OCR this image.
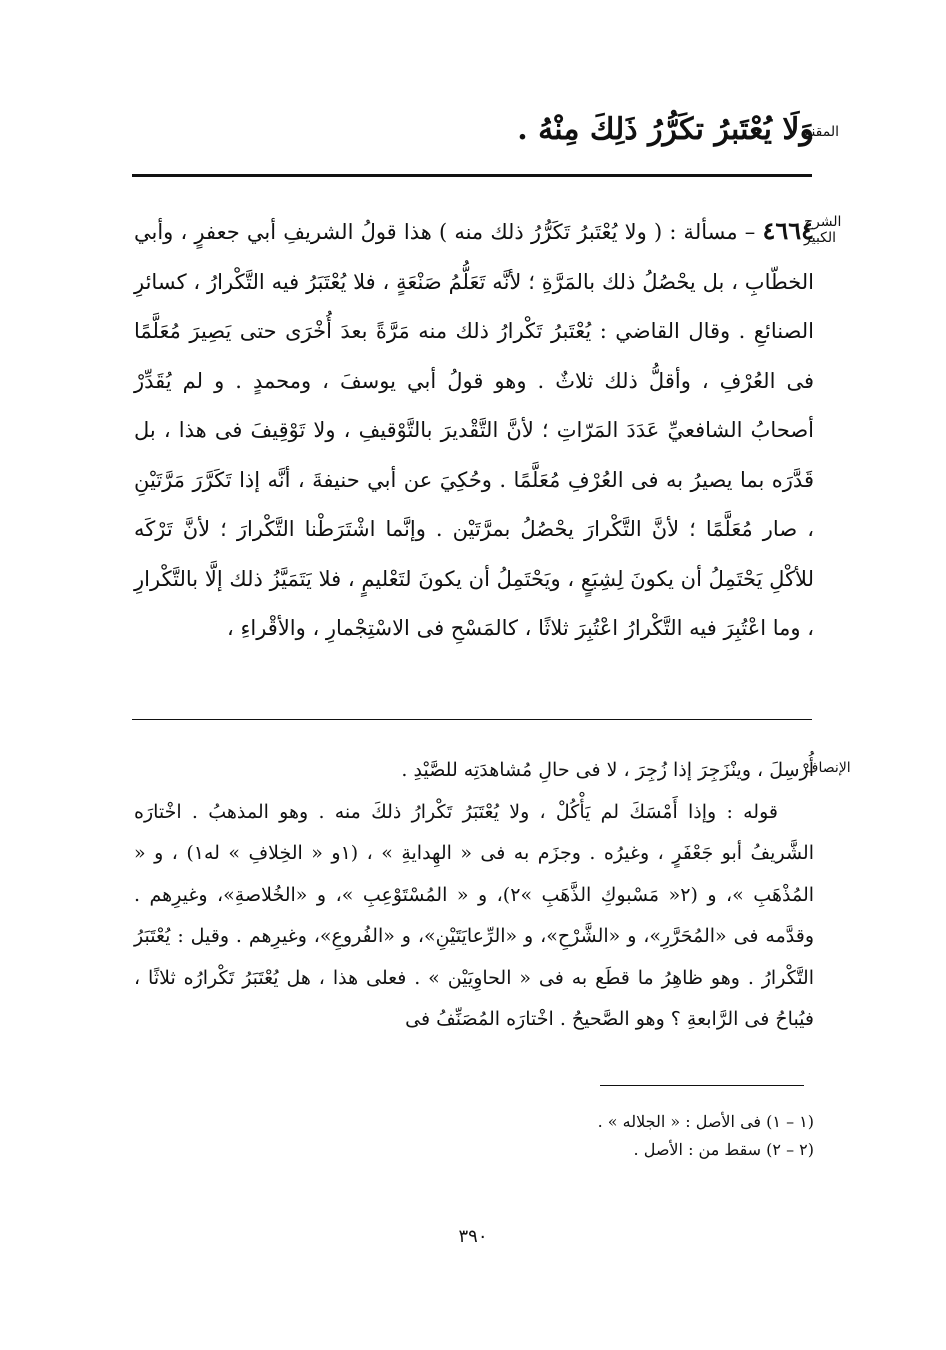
المقنع
وَلَا يُعْتَبرُ تكَرُّرُ ذَلِكَ مِنْهُ .
الشرح الكبير

٤٦٦٤ – مسألة : ( ولا يُعْتَبرُ تَكَرُّرُ ذلك منه ) هذا قولُ الشريفِ أبي جعفرٍ ، وأبي الخطّابِ ، بل يحْصُلُ ذلك بالمَرَّةِ ؛ لأنَّه تَعَلُّمُ صَنْعَةٍ ، فلا يُعْتَبَرُ فيه التَّكْرارُ ، كسائرِ الصنائعِ . وقال القاضي : يُعْتَبرُ تَكْرارُ ذلك منه مَرَّةً بعدَ أُخْرَى حتى يَصِيرَ مُعَلَّمًا فى العُرْفِ ، وأقلُّ ذلك ثلاثٌ . وهو قولُ أبي يوسفَ ، ومحمدٍ . و لم يُقَدِّرْ أصحابُ الشافعيِّ عَدَدَ المَرّاتِ ؛ لأنَّ التَّقْديرَ بالتَّوْقيفِ ، ولا تَوْقِيفَ فى هذا ، بل قَدَّرَه بما يصيرُ به فى العُرْفِ مُعَلَّمًا . وحُكِيَ عن أبي حنيفةَ ، أنَّه إذا تَكَرَّرَ مَرَّتَيْنِ ، صار مُعَلَّمًا ؛ لأنَّ التَّكْرارَ يحْصُلُ بمرَّتَيْن . وإنَّما اشْتَرَطْنا التَّكْرارَ ؛ لأنَّ تَرْكَه للأكْلِ يَحْتَمِلُ أن يكونَ لِشِبَعٍ ، ويَحْتَمِلُ أن يكونَ لتَعْليمٍ ، فلا يَتَمَيَّزُ ذلك إلَّا بالتَّكْرارِ ، وما اعْتُبِرَ فيه التَّكْرارُ اعْتُبِرَ ثلاثًا ، كالمَسْحِ فى الاسْتِجْمارِ ، والأقْراءِ ،

الإنصاف

أُرْسِلَ ، وينْزَجِرَ إذا زُجِرَ ، لا فى حالِ مُشاهدَتِه للصَّيْدِ .

قوله : وإذا أَمْسَكَ لم يَأْكُلْ ، ولا يُعْتَبَرُ تَكْرارُ ذلكَ منه . وهو المذهبُ . اخْتارَه الشَّريفُ أبو جَعْفَرٍ ، وغيرُه . وجزَم به فى « الهِدايةِ » ، (١و « الخِلافِ » له١) ، و « المُذْهَبِ »، و (٢« مَسْبوكِ الذَّهَبِ »٢)، و « المُسْتَوْعِبِ »، و «الخُلاصةِ»، وغيرِهم . وقدَّمه فى «المُحَرَّرِ»، و «الشَّرْحِ»، و «الرِّعايَتَيْنِ»، و «الفُروعِ»، وغيرِهم . وقيل : يُعْتَبَرُ التَّكْرارُ . وهو ظاهِرُ ما قطَع به فى « الحاوِيَيْن » . فعلى هذا ، هل يُعْتَبَرُ تَكْرارُه ثلاثًا ، فيُباحُ فى الرَّابعةِ ؟ وهو الصَّحيحُ . اخْتارَه المُصَنِّفُ فى

(١ – ١) فى الأصل : « الجلاله » .
(٢ – ٢) سقط من : الأصل .
٣٩٠
